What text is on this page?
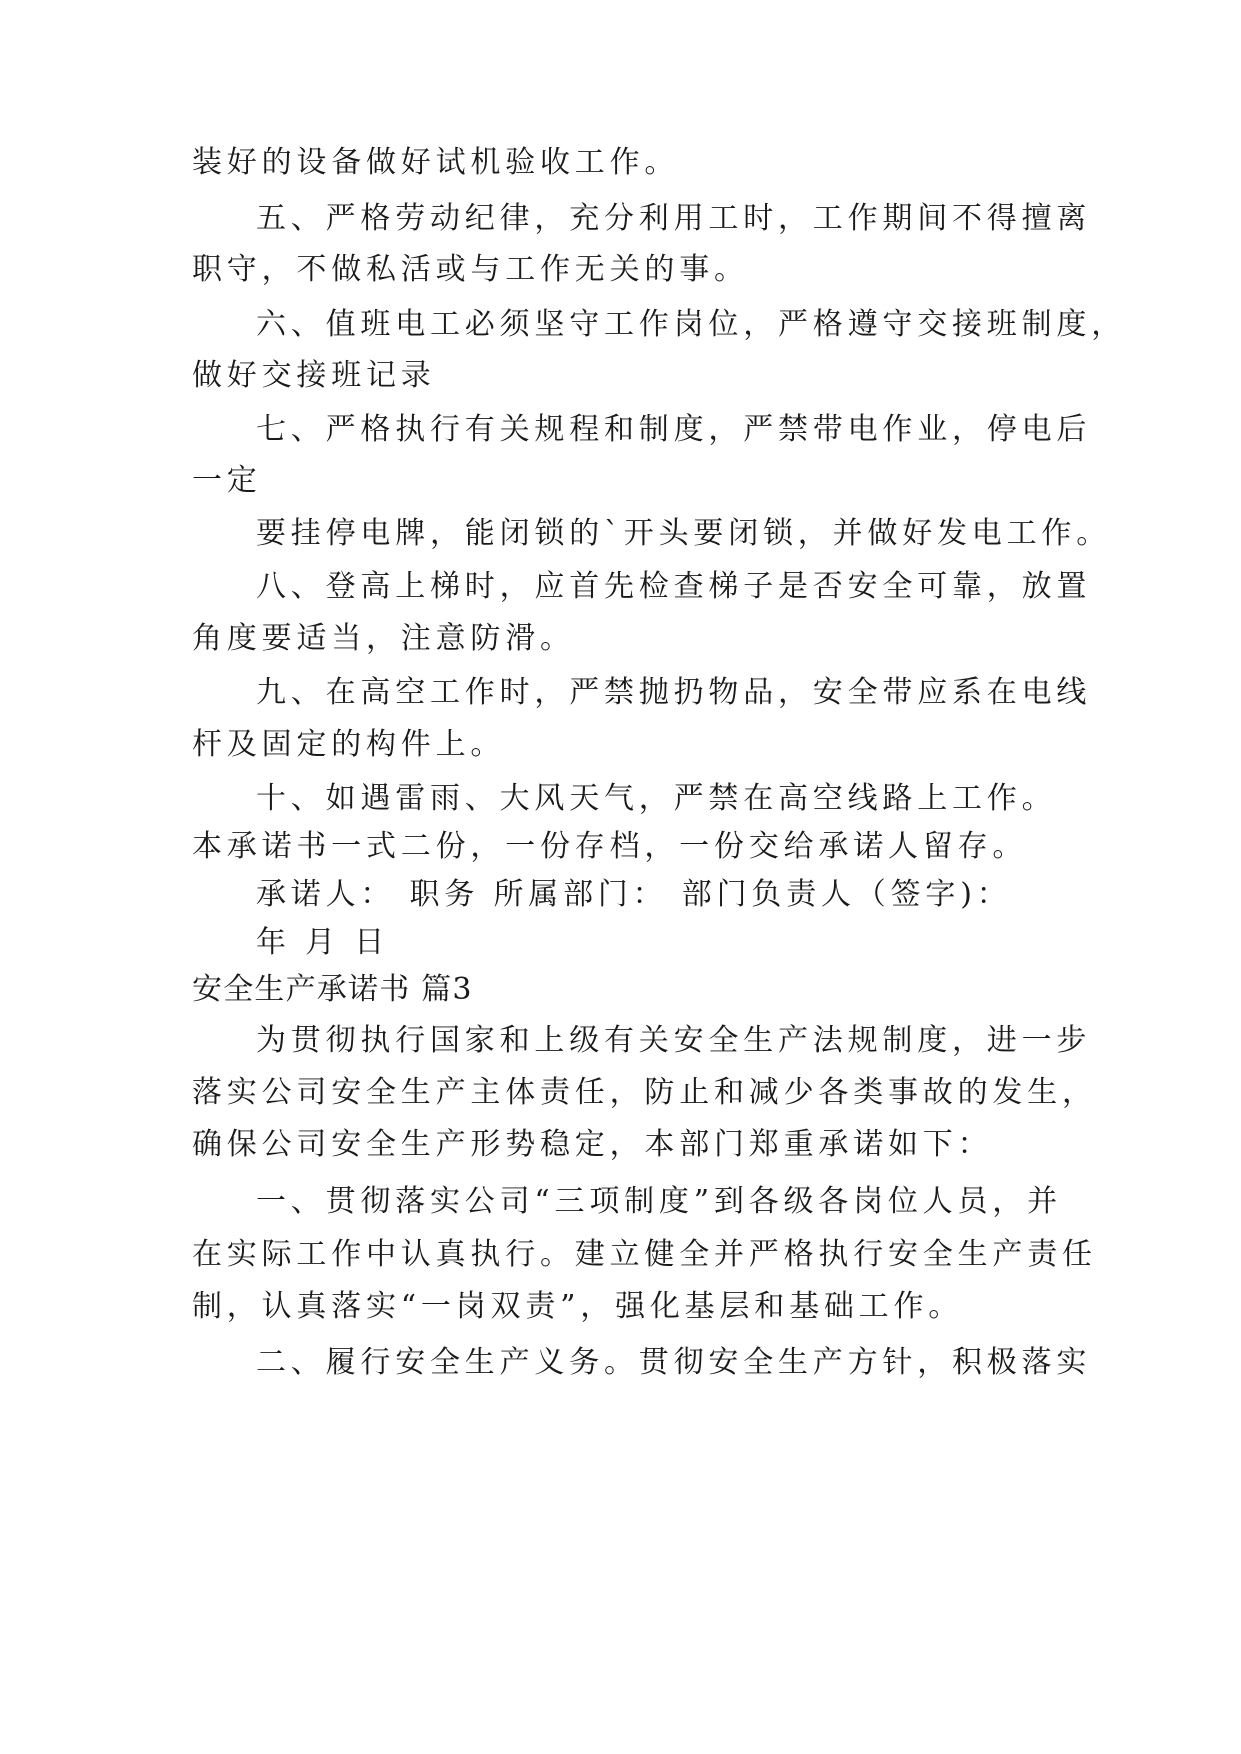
装好的设备做好试机验收工作。
五、严格劳动纪律，充分利用工时，工作期间不得擅离
职守，不做私活或与工作无关的事。
六、值班电工必须坚守工作岗位，严格遵守交接班制度，
做好交接班记录
七、严格执行有关规程和制度，严禁带电作业，停电后
一定
要挂停电牌，能闭锁的`开头要闭锁，并做好发电工作。
八、登高上梯时，应首先检查梯子是否安全可靠，放置
角度要适当，注意防滑。
九、在高空工作时，严禁抛扔物品，安全带应系在电线
杆及固定的构件上。
十、如遇雷雨、大风天气，严禁在高空线路上工作。
本承诺书一式二份，一份存档，一份交给承诺人留存。
承诺人： 职务 所属部门： 部门负责人（签字)：
年 月 日
安全生产承诺书 篇3
为贯彻执行国家和上级有关安全生产法规制度，进一步
落实公司安全生产主体责任，防止和减少各类事故的发生，
确保公司安全生产形势稳定，本部门郑重承诺如下：
一、贯彻落实公司“三项制度”到各级各岗位人员，并
在实际工作中认真执行。建立健全并严格执行安全生产责任
制，认真落实“一岗双责”，强化基层和基础工作。
二、履行安全生产义务。贯彻安全生产方针，积极落实
